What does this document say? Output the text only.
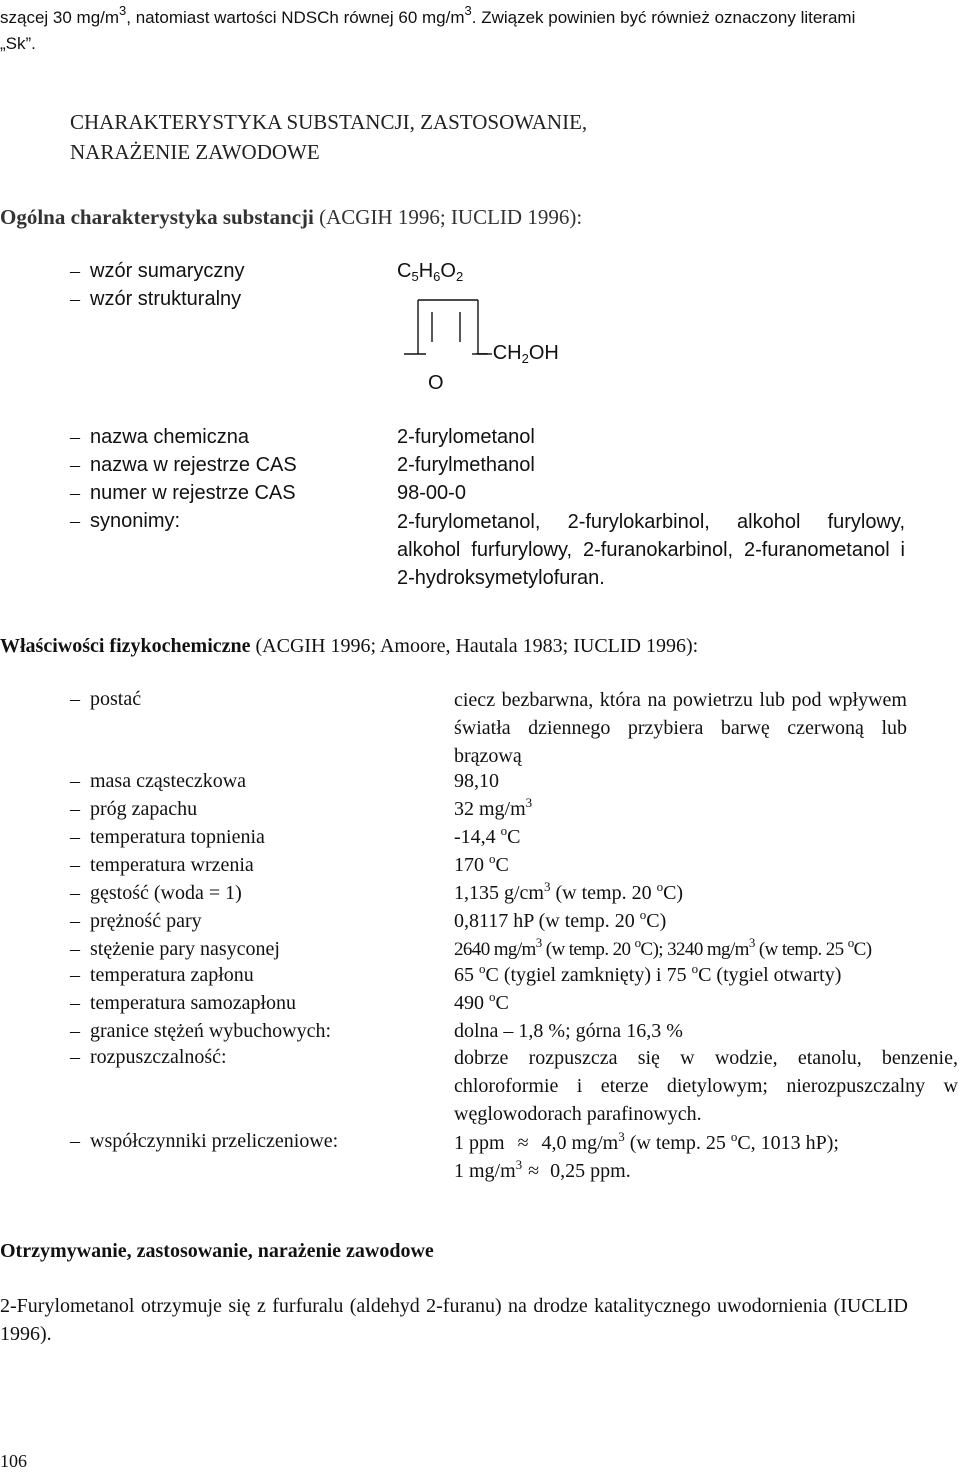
szącej 30 $mg/m^3$, natomiast wartości NDSCh równej 60 $mg/m^3$. Związek powinien być również oznaczony literami
„Sk”.
CHARAKTERYSTYKA SUBSTANCJI, ZASTOSOWANIE,
NARAŻENIE ZAWODOWE
Ogólna charakterystyka substancji (ACGIH 1996; IUCLID 1996):
– wzór sumaryczny	$C_5H_6O_2$
– wzór strukturalny
O
– $CH_2OH$
– nazwa chemiczna	2-furylometanol
– nazwa w rejestrze CAS	2-furylmethanol
– numer w rejestrze CAS	98-00-0
– synonimy:	2-furylometanol, 2-furylokarbinol, alkohol furylowy, alkohol furfurylowy, 2-furanokarbinol, 2-furanometanol i 2-hydroksymetylofuran.
Właściwości fizykochemiczne (ACGIH 1996; Amoore, Hautala 1983; IUCLID 1996):
– postać	ciecz bezbarwna, która na powietrzu lub pod wpływem światła dziennego przybiera barwę czerwoną lub brązową
– masa cząsteczkowa	98,10
– próg zapachu	32 $mg/m^3$
– temperatura topnienia	-14,4 $^o$C
– temperatura wrzenia	170 $^o$C
– gęstość (woda = 1)	1,135 $g/cm^3$ (w temp. 20 $^o$C)
– prężność pary	0,8117 hP (w temp. 20 $^o$C)
– stężenie pary nasyconej	2640 $mg/m^3$ (w temp. 20 $^o$C); 3240 $mg/m^3$ (w temp. 25 $^o$C)
– temperatura zapłonu	65 $^o$C (tygiel zamknięty) i 75 $^o$C (tygiel otwarty)
– temperatura samozapłonu	490 $^o$C
– granice stężeń wybuchowych:	dolna – 1,8 %; górna 16,3 %
– rozpuszczalność:	dobrze rozpuszcza się w wodzie, etanolu, benzenie, chloroformie i eterze dietylowym; nierozpuszczalny w węglowodorach parafinowych.
– współczynniki przeliczeniowe:	1 ppm ≈ 4,0 $mg/m^3$ (w temp. 25 $^o$C, 1013 hP);
1 $mg/m^3 \approx 0,25$ ppm.
Otrzymywanie, zastosowanie, narażenie zawodowe
2-Furylometanol otrzymuje się z furfuralu (aldehyd 2-furanu) na drodze katalitycznego uwodornienia (IUCLID 1996).
106
